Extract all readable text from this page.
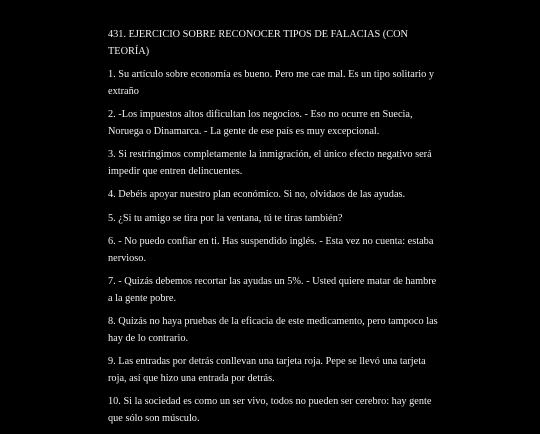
431. EJERCICIO SOBRE RECONOCER TIPOS DE FALACIAS (CON TEORÍA)

1. Su artículo sobre economía es bueno. Pero me cae mal. Es un tipo solitario y extraño

2. -Los impuestos altos dificultan los negocios. - Eso no ocurre en Suecia, Noruega o Dinamarca. - La gente de ese país es muy excepcional.

3. Si restringimos completamente la inmigración, el único efecto negativo será impedir que entren delincuentes.

4. Debéis apoyar nuestro plan económico. Si no, olvidaos de las ayudas.

5. ¿Si tu amigo se tira por la ventana, tú te tiras también?

6. - No puedo confiar en ti. Has suspendido inglés. - Esta vez no cuenta: estaba nervioso.

7. - Quizás debemos recortar las ayudas un 5%. - Usted quiere matar de hambre a la gente pobre.

8. Quizás no haya pruebas de la eficacia de este medicamento, pero tampoco las hay de lo contrario.

9. Las entradas por detrás conllevan una tarjeta roja. Pepe se llevó una tarjeta roja, así que hizo una entrada por detrás.

10. Si la sociedad es como un ser vivo, todos no pueden ser cerebro: hay gente que sólo son músculo.
